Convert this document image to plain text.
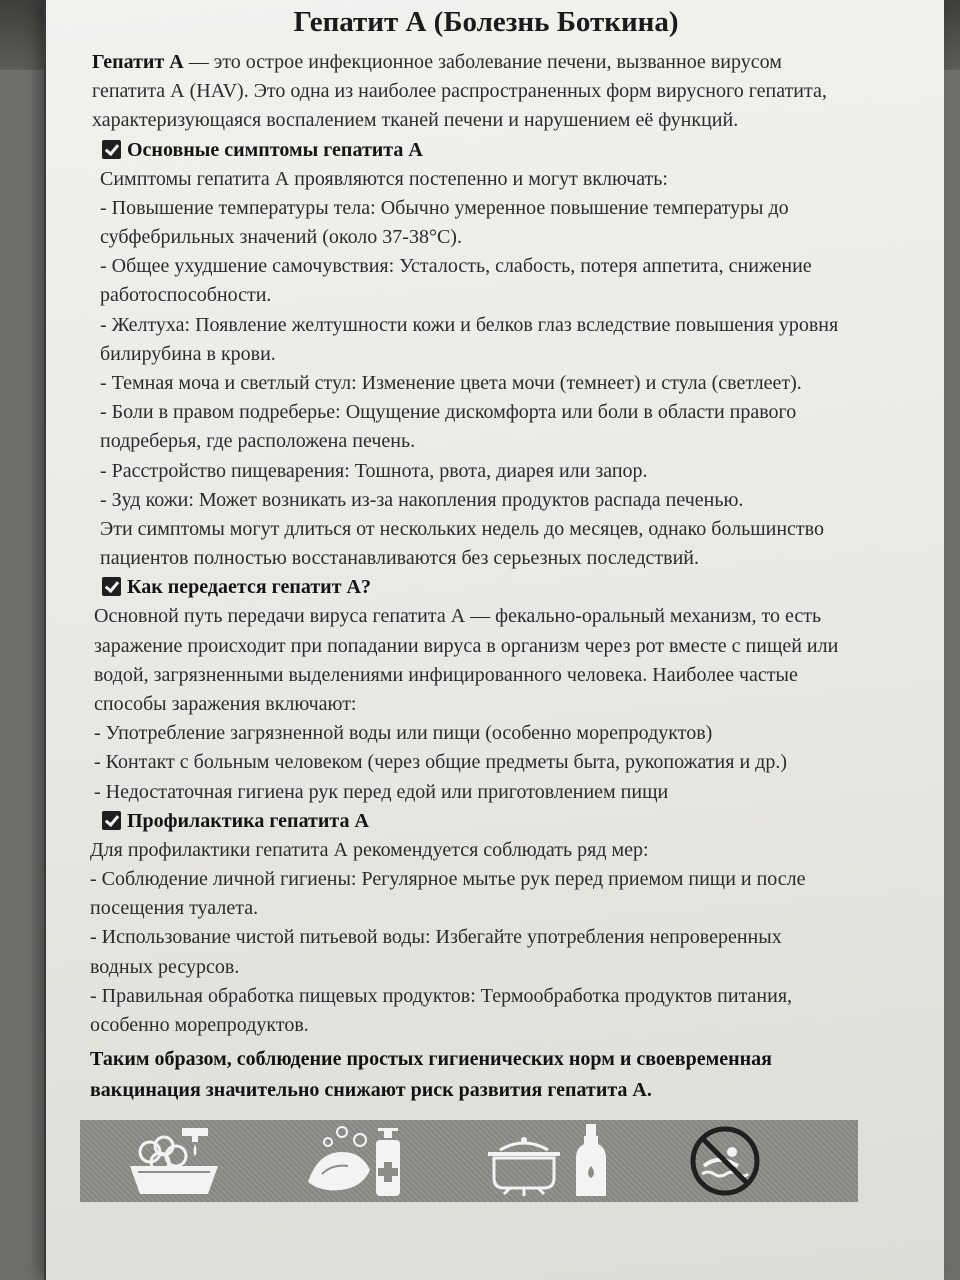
Гепатит А (Болезнь Боткина)
Гепатит А — это острое инфекционное заболевание печени, вызванное вирусом
гепатита А (HAV). Это одна из наиболее распространенных форм вирусного гепатита,
характеризующаяся воспалением тканей печени и нарушением её функций.
Основные симптомы гепатита А
Симптомы гепатита А проявляются постепенно и могут включать:
- Повышение температуры тела: Обычно умеренное повышение температуры до
субфебрильных значений (около 37-38°C).
- Общее ухудшение самочувствия: Усталость, слабость, потеря аппетита, снижение
работоспособности.
- Желтуха: Появление желтушности кожи и белков глаз вследствие повышения уровня
билирубина в крови.
- Темная моча и светлый стул: Изменение цвета мочи (темнеет) и стула (светлеет).
- Боли в правом подреберье: Ощущение дискомфорта или боли в области правого
подреберья, где расположена печень.
- Расстройство пищеварения: Тошнота, рвота, диарея или запор.
- Зуд кожи: Может возникать из-за накопления продуктов распада печенью.
Эти симптомы могут длиться от нескольких недель до месяцев, однако большинство
пациентов полностью восстанавливаются без серьезных последствий.
Как передается гепатит А?
Основной путь передачи вируса гепатита А — фекально-оральный механизм, то есть
заражение происходит при попадании вируса в организм через рот вместе с пищей или
водой, загрязненными выделениями инфицированного человека. Наиболее частые
способы заражения включают:
- Употребление загрязненной воды или пищи (особенно морепродуктов)
- Контакт с больным человеком (через общие предметы быта, рукопожатия и др.)
- Недостаточная гигиена рук перед едой или приготовлением пищи
Профилактика гепатита А
Для профилактики гепатита А рекомендуется соблюдать ряд мер:
- Соблюдение личной гигиены: Регулярное мытье рук перед приемом пищи и после
посещения туалета.
- Использование чистой питьевой воды: Избегайте употребления непроверенных
водных ресурсов.
- Правильная обработка пищевых продуктов: Термообработка продуктов питания,
особенно морепродуктов.
Таким образом, соблюдение простых гигиенических норм и своевременная
вакцинация значительно снижают риск развития гепатита А.
